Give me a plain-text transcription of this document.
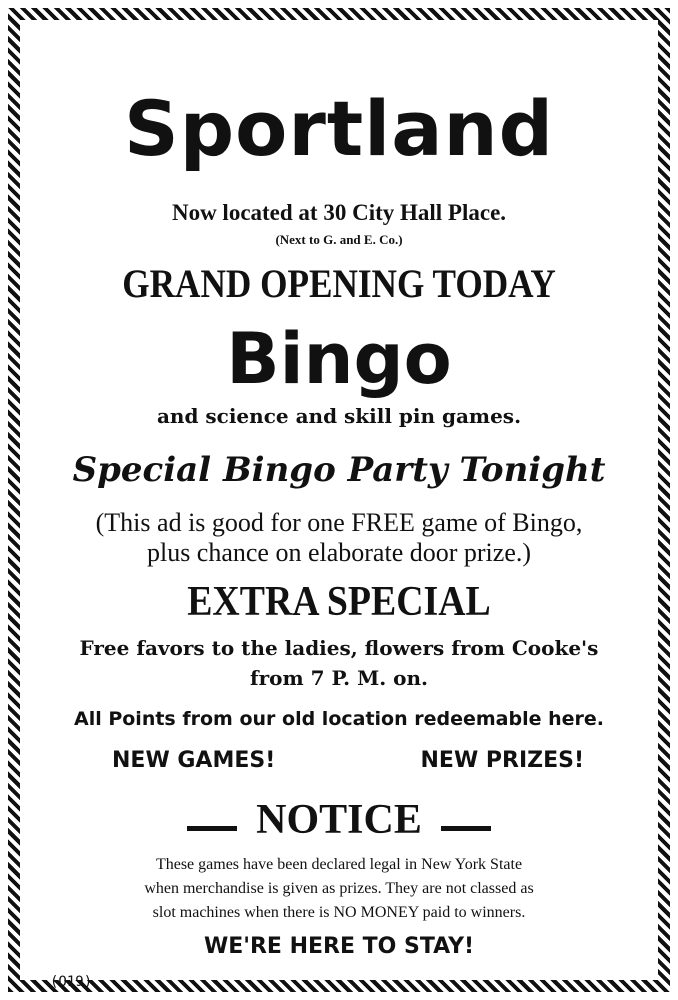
Sportland
Now located at 30 City Hall Place.
(Next to G. and E. Co.)
GRAND OPENING TODAY
Bingo
and science and skill pin games.
Special Bingo Party Tonight
(This ad is good for one FREE game of Bingo,
plus chance on elaborate door prize.)
EXTRA SPECIAL
Free favors to the ladies, flowers from Cooke's
from 7 P. M. on.
All Points from our old location redeemable here.
NEW GAMES!	NEW PRIZES!
NOTICE
These games have been declared legal in New York State
when merchandise is given as prizes. They are not classed as
slot machines when there is NO MONEY paid to winners.
WE'RE HERE TO STAY!
(O19)
